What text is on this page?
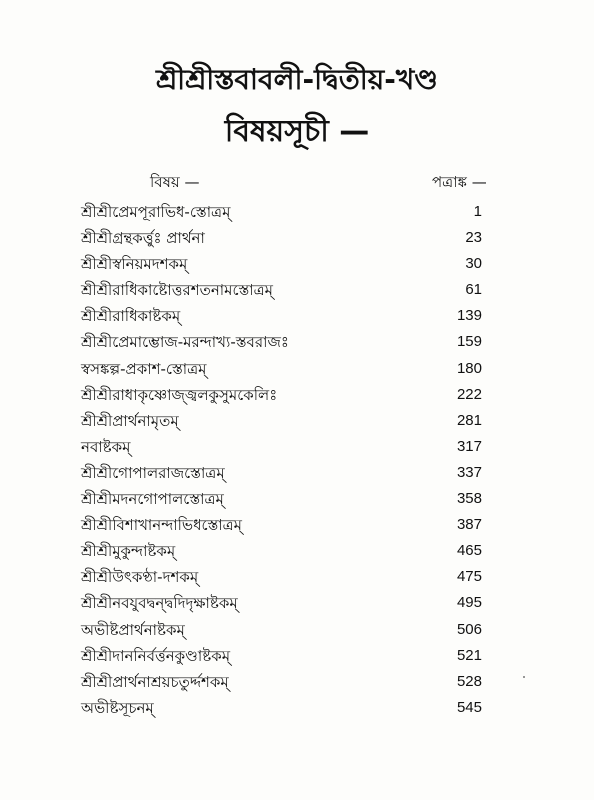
শ্রীশ্রীস্তবাবলী-দ্বিতীয়-খণ্ড
বিষয়সূচী —
বিষয় —	পত্রাঙ্ক —
শ্রীশ্রীপ্রেমপূরাভিধ-স্তোত্রম্	1
শ্রীশ্রীগ্রন্থকর্ত্তুঃ প্রার্থনা	23
শ্রীশ্রীস্বনিয়মদশকম্	30
শ্রীশ্রীরাধিকাষ্টোত্তরশতনামস্তোত্রম্	61
শ্রীশ্রীরাধিকাষ্টকম্	139
শ্রীশ্রীপ্রেমাম্ভোজ-মরন্দাখ্য-স্তবরাজঃ	159
স্বসঙ্কল্প-প্রকাশ-স্তোত্রম্	180
শ্রীশ্রীরাধাকৃষ্ণোজ্জ্বলকুসুমকেলিঃ	222
শ্রীশ্রীপ্রার্থনামৃতম্	281
নবাষ্টকম্	317
শ্রীশ্রীগোপালরাজস্তোত্রম্	337
শ্রীশ্রীমদনগোপালস্তোত্রম্	358
শ্রীশ্রীবিশাখানন্দাভিধস্তোত্রম্	387
শ্রীশ্রীমুকুন্দাষ্টকম্	465
শ্রীশ্রীউৎকণ্ঠা-দশকম্	475
শ্রীশ্রীনবযুবদ্বন্দ্বদিদৃক্ষাষ্টকম্	495
অভীষ্টপ্রার্থনাষ্টকম্	506
শ্রীশ্রীদাননির্বর্ত্তনকুণ্ডাষ্টকম্	521
শ্রীশ্রীপ্রার্থনাশ্রয়চতুর্দ্দশকম্	528
অভীষ্টসূচনম্	545
